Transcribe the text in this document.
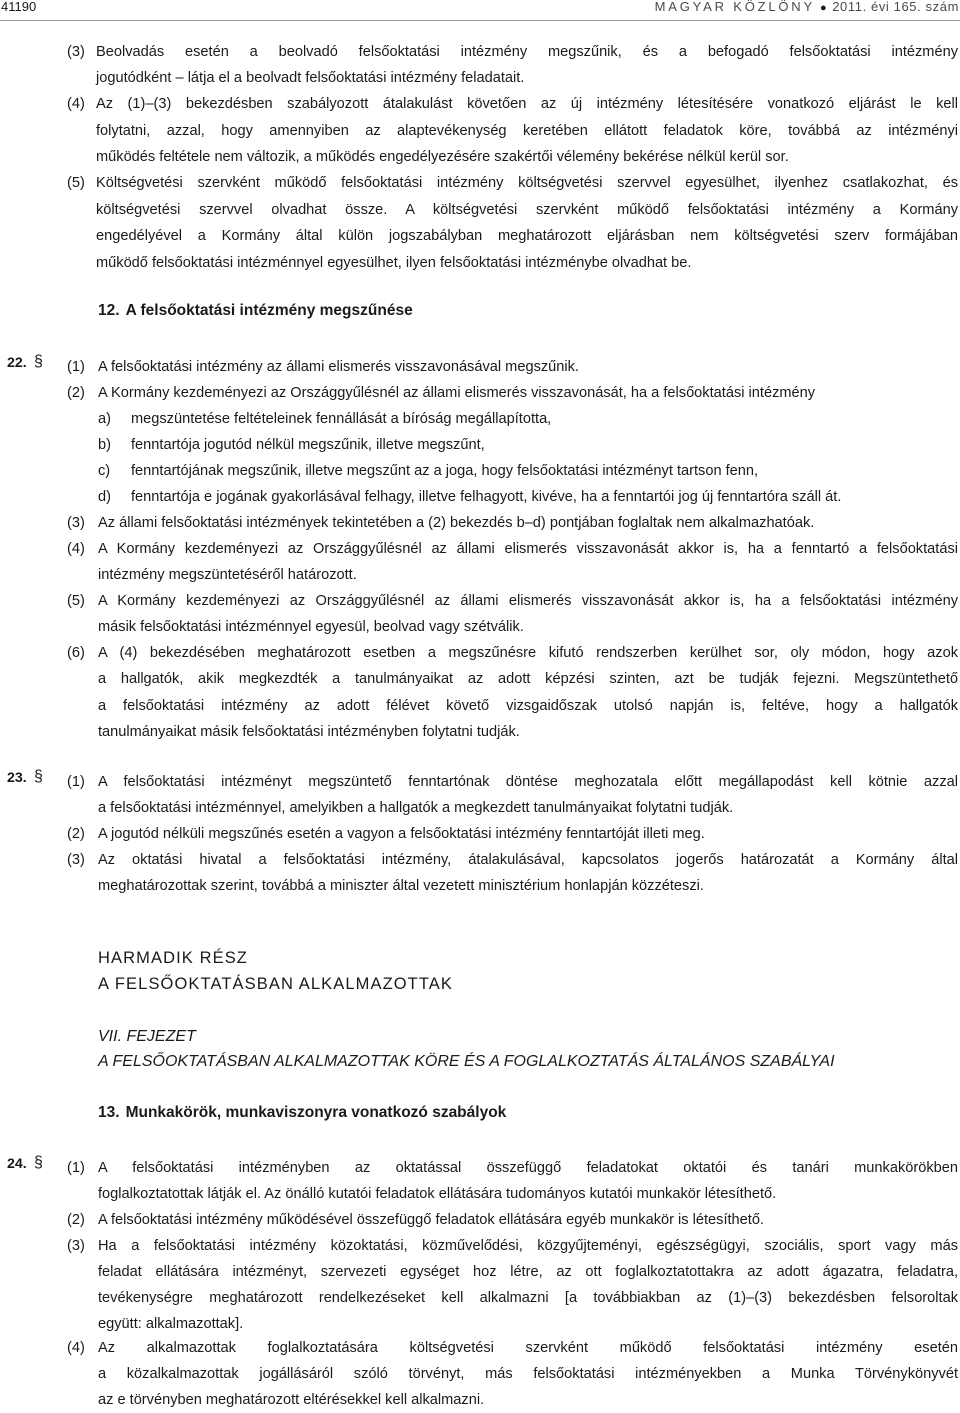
41190	MAGYAR KÖZLÖNY ● 2011. évi 165. szám
(3) Beolvadás esetén a beolvadó felsőoktatási intézmény megszűnik, és a befogadó felsőoktatási intézmény
jogutódként – látja el a beolvadt felsőoktatási intézmény feladatait.
(4) Az (1)–(3) bekezdésben szabályozott átalakulást követően az új intézmény létesítésére vonatkozó eljárást le kell
folytatni, azzal, hogy amennyiben az alaptevékenység keretében ellátott feladatok köre, továbbá az intézményi
működés feltétele nem változik, a működés engedélyezésére szakértői vélemény bekérése nélkül kerül sor.
(5) Költségvetési szervként működő felsőoktatási intézmény költségvetési szervvel egyesülhet, ilyenhez csatlakozhat, és
költségvetési szervvel olvadhat össze. A költségvetési szervként működő felsőoktatási intézmény a Kormány
engedélyével a Kormány által külön jogszabályban meghatározott eljárásban nem költségvetési szerv formájában
működő felsőoktatási intézménnyel egyesülhet, ilyen felsőoktatási intézménybe olvadhat be.
12. A felsőoktatási intézmény megszűnése
22. § (1) A felsőoktatási intézmény az állami elismerés visszavonásával megszűnik.
(2) A Kormány kezdeményezi az Országgyűlésnél az állami elismerés visszavonását, ha a felsőoktatási intézmény
a) megszüntetése feltételeinek fennállását a bíróság megállapította,
b) fenntartója jogutód nélkül megszűnik, illetve megszűnt,
c) fenntartójának megszűnik, illetve megszűnt az a joga, hogy felsőoktatási intézményt tartson fenn,
d) fenntartója e jogának gyakorlásával felhagy, illetve felhagyott, kivéve, ha a fenntartói jog új fenntartóra száll át.
(3) Az állami felsőoktatási intézmények tekintetében a (2) bekezdés b–d) pontjában foglaltak nem alkalmazhatóak.
(4) A Kormány kezdeményezi az Országgyűlésnél az állami elismerés visszavonását akkor is, ha a fenntartó a felsőoktatási
intézmény megszüntetéséről határozott.
(5) A Kormány kezdeményezi az Országgyűlésnél az állami elismerés visszavonását akkor is, ha a felsőoktatási intézmény
másik felsőoktatási intézménnyel egyesül, beolvad vagy szétválik.
(6) A (4) bekezdésében meghatározott esetben a megszűnésre kifutó rendszerben kerülhet sor, oly módon, hogy azok
a hallgatók, akik megkezdték a tanulmányaikat az adott képzési szinten, azt be tudják fejezni. Megszüntethető
a felsőoktatási intézmény az adott félévet követő vizsgaidőszak utolsó napján is, feltéve, hogy a hallgatók
tanulmányaikat másik felsőoktatási intézményben folytatni tudják.
23. § (1) A felsőoktatási intézményt megszüntető fenntartónak döntése meghozatala előtt megállapodást kell kötnie azzal
a felsőoktatási intézménnyel, amelyikben a hallgatók a megkezdett tanulmányaikat folytatni tudják.
(2) A jogutód nélküli megszűnés esetén a vagyon a felsőoktatási intézmény fenntartóját illeti meg.
(3) Az oktatási hivatal a felsőoktatási intézmény, átalakulásával, kapcsolatos jogerős határozatát a Kormány által
meghatározottak szerint, továbbá a miniszter által vezetett minisztérium honlapján közzéteszi.
HARMADIK RÉSZ
A FELSŐOKTATÁSBAN ALKALMAZOTTAK
VII. FEJEZET
A FELSŐOKTATÁSBAN ALKALMAZOTTAK KÖRE ÉS A FOGLALKOZTATÁS ÁLTALÁNOS SZABÁLYAI
13. Munkakörök, munkaviszonyra vonatkozó szabályok
24. § (1) A felsőoktatási intézményben az oktatással összefüggő feladatokat oktatói és tanári munkakörökben
foglalkoztatottak látják el. Az önálló kutatói feladatok ellátására tudományos kutatói munkakör létesíthető.
(2) A felsőoktatási intézmény működésével összefüggő feladatok ellátására egyéb munkakör is létesíthető.
(3) Ha a felsőoktatási intézmény közoktatási, közművelődési, közgyűjteményi, egészségügyi, szociális, sport vagy más
feladat ellátására intézményt, szervezeti egységet hoz létre, az ott foglalkoztatottakra az adott ágazatra, feladatra,
tevékenységre meghatározott rendelkezéseket kell alkalmazni [a továbbiakban az (1)–(3) bekezdésben felsoroltak
együtt: alkalmazottak].
(4) Az alkalmazottak foglalkoztatására költségvetési szervként működő felsőoktatási intézmény esetén
a közalkalmazottak jogállásáról szóló törvényt, más felsőoktatási intézményekben a Munka Törvénykönyvét
az e törvényben meghatározott eltérésekkel kell alkalmazni.
